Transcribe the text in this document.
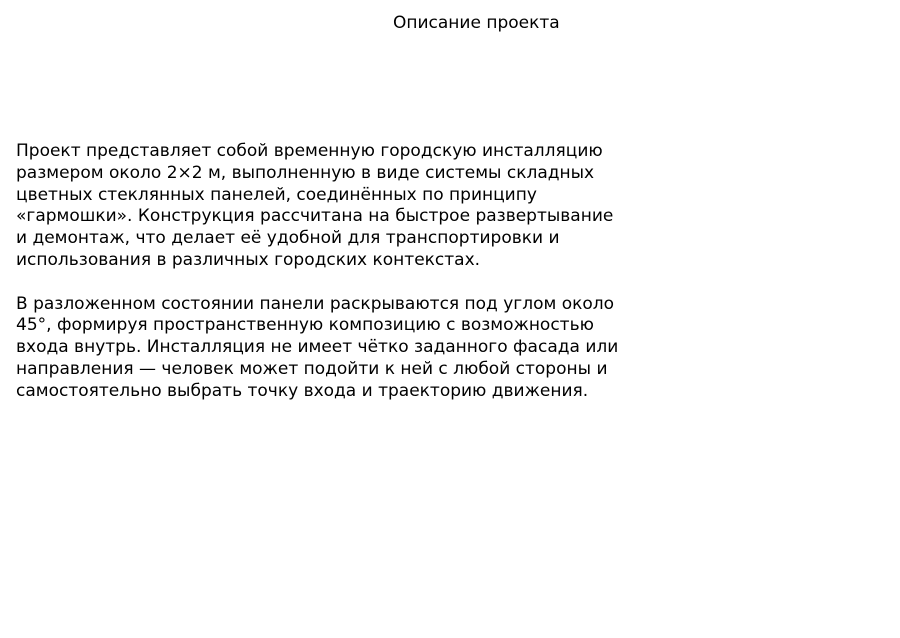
Описание проекта

Проект представляет собой временную городскую инсталляцию
размером около 2×2 м, выполненную в виде системы складных
цветных стеклянных панелей, соединённых по принципу
«гармошки». Конструкция рассчитана на быстрое развертывание
и демонтаж, что делает её удобной для транспортировки и
использования в различных городских контекстах.

В разложенном состоянии панели раскрываются под углом около
45°, формируя пространственную композицию с возможностью
входа внутрь. Инсталляция не имеет чётко заданного фасада или
направления — человек может подойти к ней с любой стороны и
самостоятельно выбрать точку входа и траекторию движения.
